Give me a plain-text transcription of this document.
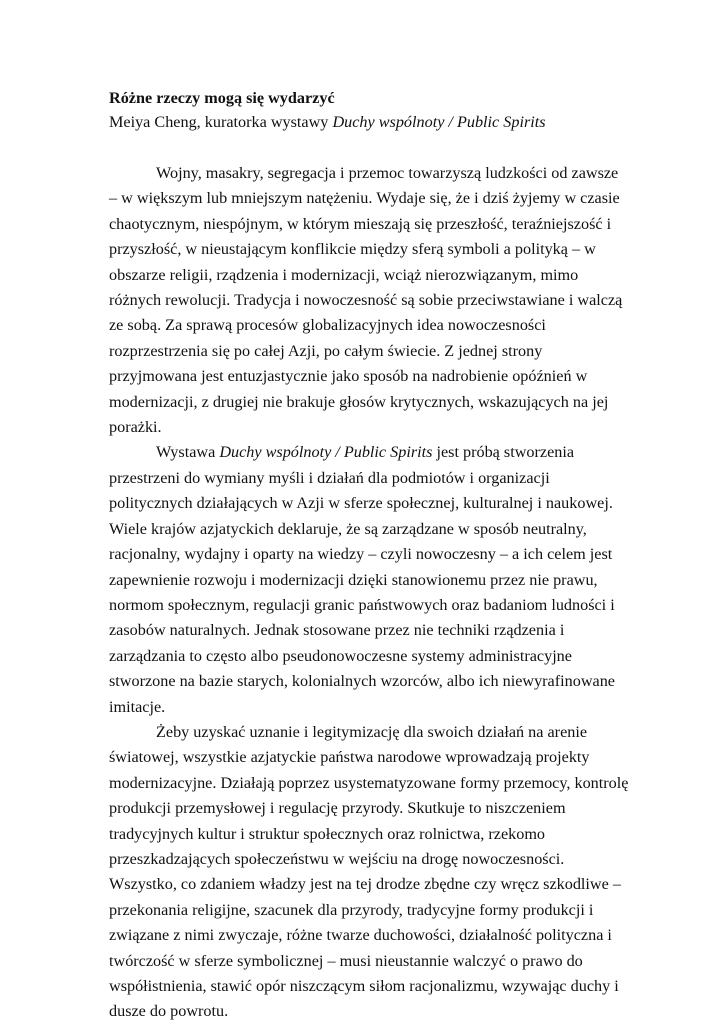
Różne rzeczy mogą się wydarzyć

Meiya Cheng, kuratorka wystawy Duchy wspólnoty / Public Spirits

Wojny, masakry, segregacja i przemoc towarzyszą ludzkości od zawsze – w większym lub mniejszym natężeniu. Wydaje się, że i dziś żyjemy w czasie chaotycznym, niespójnym, w którym mieszają się przeszłość, teraźniejszość i przyszłość, w nieustającym konflikcie między sferą symboli a polityką – w obszarze religii, rządzenia i modernizacji, wciąż nierozwiązanym, mimo różnych rewolucji. Tradycja i nowoczesność są sobie przeciwstawiane i walczą ze sobą. Za sprawą procesów globalizacyjnych idea nowoczesności rozprzestrzenia się po całej Azji, po całym świecie. Z jednej strony przyjmowana jest entuzjastycznie jako sposób na nadrobienie opóźnień w modernizacji, z drugiej nie brakuje głosów krytycznych, wskazujących na jej porażki.

Wystawa Duchy wspólnoty / Public Spirits jest próbą stworzenia przestrzeni do wymiany myśli i działań dla podmiotów i organizacji politycznych działających w Azji w sferze społecznej, kulturalnej i naukowej. Wiele krajów azjatyckich deklaruje, że są zarządzane w sposób neutralny, racjonalny, wydajny i oparty na wiedzy – czyli nowoczesny – a ich celem jest zapewnienie rozwoju i modernizacji dzięki stanowionemu przez nie prawu, normom społecznym, regulacji granic państwowych oraz badaniom ludności i zasobów naturalnych. Jednak stosowane przez nie techniki rządzenia i zarządzania to często albo pseudonowoczesne systemy administracyjne stworzone na bazie starych, kolonialnych wzorców, albo ich niewyrafinowane imitacje.

Żeby uzyskać uznanie i legitymizację dla swoich działań na arenie światowej, wszystkie azjatyckie państwa narodowe wprowadzają projekty modernizacyjne. Działają poprzez usystematyzowane formy przemocy, kontrolę produkcji przemysłowej i regulację przyrody. Skutkuje to niszczeniem tradycyjnych kultur i struktur społecznych oraz rolnictwa, rzekomo przeszkadzających społeczeństwu w wejściu na drogę nowoczesności. Wszystko, co zdaniem władzy jest na tej drodze zbędne czy wręcz szkodliwe – przekonania religijne, szacunek dla przyrody, tradycyjne formy produkcji i związane z nimi zwyczaje, różne twarze duchowości, działalność polityczna i twórczość w sferze symbolicznej – musi nieustannie walczyć o prawo do współistnienia, stawić opór niszczącym siłom racjonalizmu, wzywając duchy i dusze do powrotu.
